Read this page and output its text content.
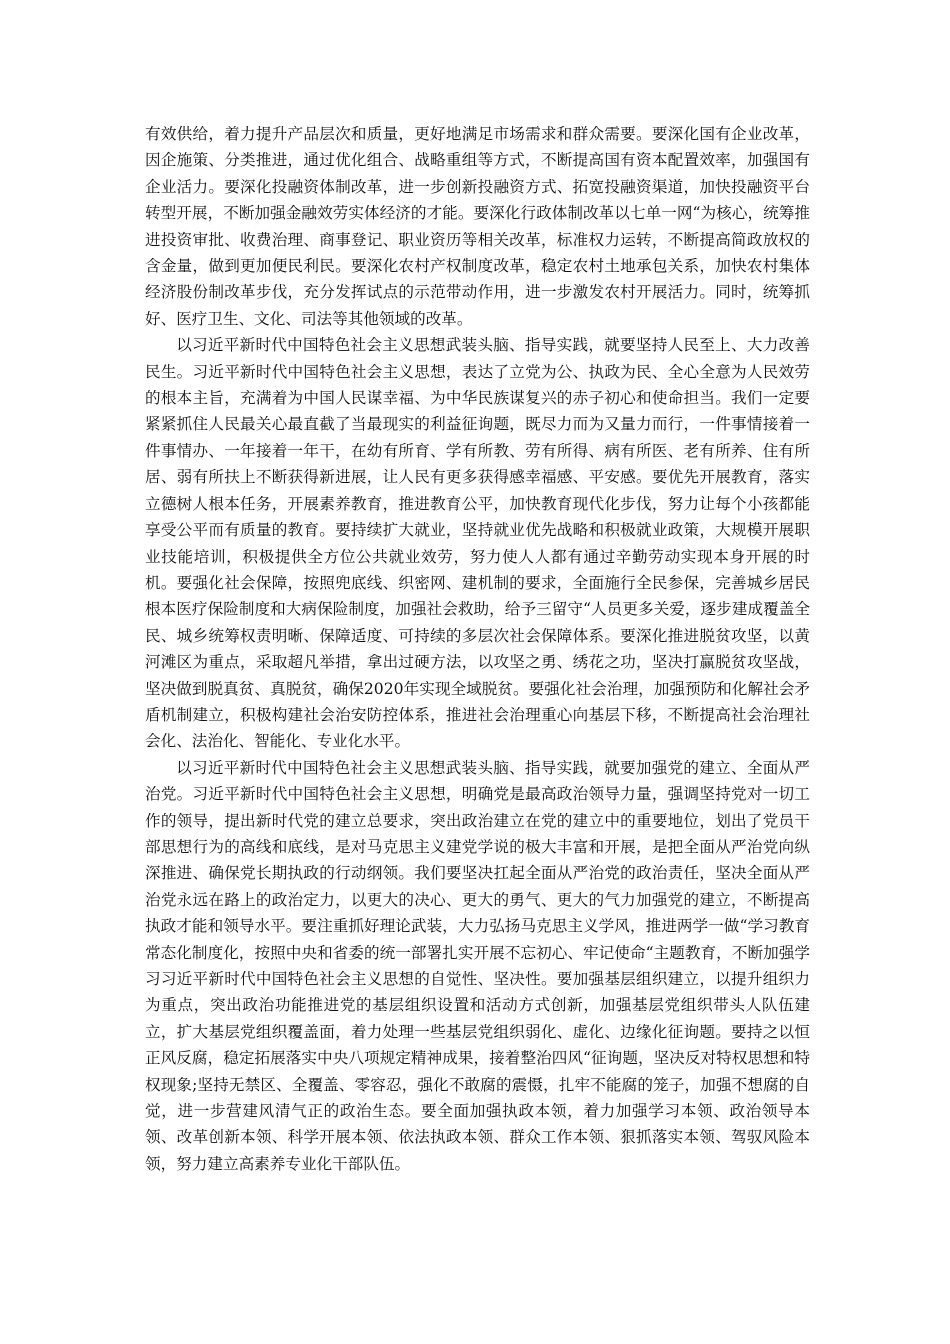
有效供给，着力提升产品层次和质量，更好地满足市场需求和群众需要。要深化国有企业改革，因企施策、分类推进，通过优化组合、战略重组等方式，不断提高国有资本配置效率，加强国有企业活力。要深化投融资体制改革，进一步创新投融资方式、拓宽投融资渠道，加快投融资平台转型开展，不断加强金融效劳实体经济的才能。要深化行政体制改革以七单一网“为核心，统筹推进投资审批、收费治理、商事登记、职业资历等相关改革，标准权力运转，不断提高简政放权的含金量，做到更加便民利民。要深化农村产权制度改革，稳定农村土地承包关系，加快农村集体经济股份制改革步伐，充分发挥试点的示范带动作用，进一步激发农村开展活力。同时，统筹抓好、医疗卫生、文化、司法等其他领域的改革。

以习近平新时代中国特色社会主义思想武装头脑、指导实践，就要坚持人民至上、大力改善民生。习近平新时代中国特色社会主义思想，表达了立党为公、执政为民、全心全意为人民效劳的根本主旨，充满着为中国人民谋幸福、为中华民族谋复兴的赤子初心和使命担当。我们一定要紧紧抓住人民最关心最直截了当最现实的利益征询题，既尽力而为又量力而行，一件事情接着一件事情办、一年接着一年干，在幼有所育、学有所教、劳有所得、病有所医、老有所养、住有所居、弱有所扶上不断获得新进展，让人民有更多获得感幸福感、平安感。要优先开展教育，落实立德树人根本任务，开展素养教育，推进教育公平，加快教育现代化步伐，努力让每个小孩都能享受公平而有质量的教育。要持续扩大就业，坚持就业优先战略和积极就业政策，大规模开展职业技能培训，积极提供全方位公共就业效劳，努力使人人都有通过辛勤劳动实现本身开展的时机。要强化社会保障，按照兜底线、织密网、建机制的要求，全面施行全民参保，完善城乡居民根本医疗保险制度和大病保险制度，加强社会救助，给予三留守“人员更多关爱，逐步建成覆盖全民、城乡统筹权责明晰、保障适度、可持续的多层次社会保障体系。要深化推进脱贫攻坚，以黄河滩区为重点，采取超凡举措，拿出过硬方法，以攻坚之勇、绣花之功，坚决打赢脱贫攻坚战，坚决做到脱真贫、真脱贫，确保2020年实现全域脱贫。要强化社会治理，加强预防和化解社会矛盾机制建立，积极构建社会治安防控体系，推进社会治理重心向基层下移，不断提高社会治理社会化、法治化、智能化、专业化水平。

以习近平新时代中国特色社会主义思想武装头脑、指导实践，就要加强党的建立、全面从严治党。习近平新时代中国特色社会主义思想，明确党是最高政治领导力量，强调坚持党对一切工作的领导，提出新时代党的建立总要求，突出政治建立在党的建立中的重要地位，划出了党员干部思想行为的高线和底线，是对马克思主义建党学说的极大丰富和开展，是把全面从严治党向纵深推进、确保党长期执政的行动纲领。我们要坚决扛起全面从严治党的政治责任，坚决全面从严治党永远在路上的政治定力，以更大的决心、更大的勇气、更大的气力加强党的建立，不断提高执政才能和领导水平。要注重抓好理论武装，大力弘扬马克思主义学风，推进两学一做“学习教育常态化制度化，按照中央和省委的统一部署扎实开展不忘初心、牢记使命“主题教育，不断加强学习习近平新时代中国特色社会主义思想的自觉性、坚决性。要加强基层组织建立，以提升组织力为重点，突出政治功能推进党的基层组织设置和活动方式创新，加强基层党组织带头人队伍建立，扩大基层党组织覆盖面，着力处理一些基层党组织弱化、虚化、边缘化征询题。要持之以恒正风反腐，稳定拓展落实中央八项规定精神成果，接着整治四风“征询题，坚决反对特权思想和特权现象;坚持无禁区、全覆盖、零容忍，强化不敢腐的震慑，扎牢不能腐的笼子，加强不想腐的自觉，进一步营建风清气正的政治生态。要全面加强执政本领，着力加强学习本领、政治领导本领、改革创新本领、科学开展本领、依法执政本领、群众工作本领、狠抓落实本领、驾驭风险本领，努力建立高素养专业化干部队伍。
